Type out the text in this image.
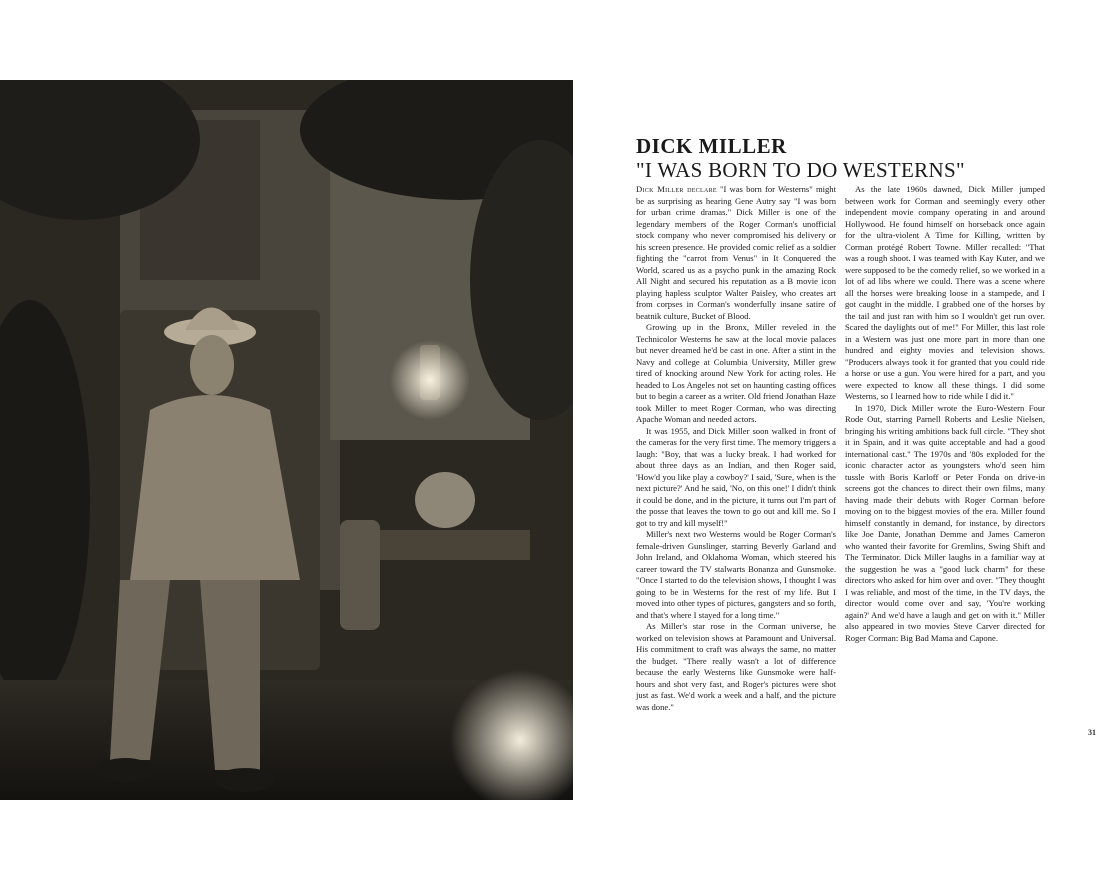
DICK MILLER
"I WAS BORN TO DO WESTERNS"

Dick Miller declare "I was born for Westerns" might be as surprising as hearing Gene Autry say "I was born for urban crime dramas." Dick Miller is one of the legendary members of the Roger Corman's unofficial stock company who never compromised his delivery or his screen presence. He provided comic relief as a soldier fighting the "carrot from Venus" in It Conquered the World, scared us as a psycho punk in the amazing Rock All Night and secured his reputation as a B movie icon playing hapless sculptor Walter Paisley, who creates art from corpses in Corman's wonderfully insane satire of beatnik culture, Bucket of Blood.

Growing up in the Bronx, Miller reveled in the Technicolor Westerns he saw at the local movie palaces but never dreamed he'd be cast in one. After a stint in the Navy and college at Columbia University, Miller grew tired of knocking around New York for acting roles. He headed to Los Angeles not set on haunting casting offices but to begin a career as a writer. Old friend Jonathan Haze took Miller to meet Roger Corman, who was directing Apache Woman and needed actors.

It was 1955, and Dick Miller soon walked in front of the cameras for the very first time. The memory triggers a laugh: "Boy, that was a lucky break. I had worked for about three days as an Indian, and then Roger said, 'How'd you like play a cowboy?' I said, 'Sure, when is the next picture?' And he said, 'No, on this one!' I didn't think it could be done, and in the picture, it turns out I'm part of the posse that leaves the town to go out and kill me. So I got to try and kill myself!"

Miller's next two Westerns would be Roger Corman's female-driven Gunslinger, starring Beverly Garland and John Ireland, and Oklahoma Woman, which steered his career toward the TV stalwarts Bonanza and Gunsmoke. "Once I started to do the television shows, I thought I was going to be in Westerns for the rest of my life. But I moved into other types of pictures, gangsters and so forth, and that's where I stayed for a long time."

As Miller's star rose in the Corman universe, he worked on television shows at Paramount and Universal. His commitment to craft was always the same, no matter the budget. "There really wasn't a lot of difference because the early Westerns like Gunsmoke were half-hours and shot very fast, and Roger's pictures were shot just as fast. We'd work a week and a half, and the picture was done."

As the late 1960s dawned, Dick Miller jumped between work for Corman and seemingly every other independent movie company operating in and around Hollywood. He found himself on horseback once again for the ultra-violent A Time for Killing, written by Corman protégé Robert Towne. Miller recalled: "That was a rough shoot. I was teamed with Kay Kuter, and we were supposed to be the comedy relief, so we worked in a lot of ad libs where we could. There was a scene where all the horses were breaking loose in a stampede, and I got caught in the middle. I grabbed one of the horses by the tail and just ran with him so I wouldn't get run over. Scared the daylights out of me!" For Miller, this last role in a Western was just one more part in more than one hundred and eighty movies and television shows. "Producers always took it for granted that you could ride a horse or use a gun. You were hired for a part, and you were expected to know all these things. I did some Westerns, so I learned how to ride while I did it."

In 1970, Dick Miller wrote the Euro-Western Four Rode Out, starring Parnell Roberts and Leslie Nielsen, bringing his writing ambitions back full circle. "They shot it in Spain, and it was quite acceptable and had a good international cast." The 1970s and '80s exploded for the iconic character actor as youngsters who'd seen him tussle with Boris Karloff or Peter Fonda on drive-in screens got the chances to direct their own films, many having made their debuts with Roger Corman before moving on to the biggest movies of the era. Miller found himself constantly in demand, for instance, by directors like Joe Dante, Jonathan Demme and James Cameron who wanted their favorite for Gremlins, Swing Shift and The Terminator. Dick Miller laughs in a familiar way at the suggestion he was a "good luck charm" for these directors who asked for him over and over. "They thought I was reliable, and most of the time, in the TV days, the director would come over and say, 'You're working again?' And we'd have a laugh and get on with it." Miller also appeared in two movies Steve Carver directed for Roger Corman: Big Bad Mama and Capone.

31
